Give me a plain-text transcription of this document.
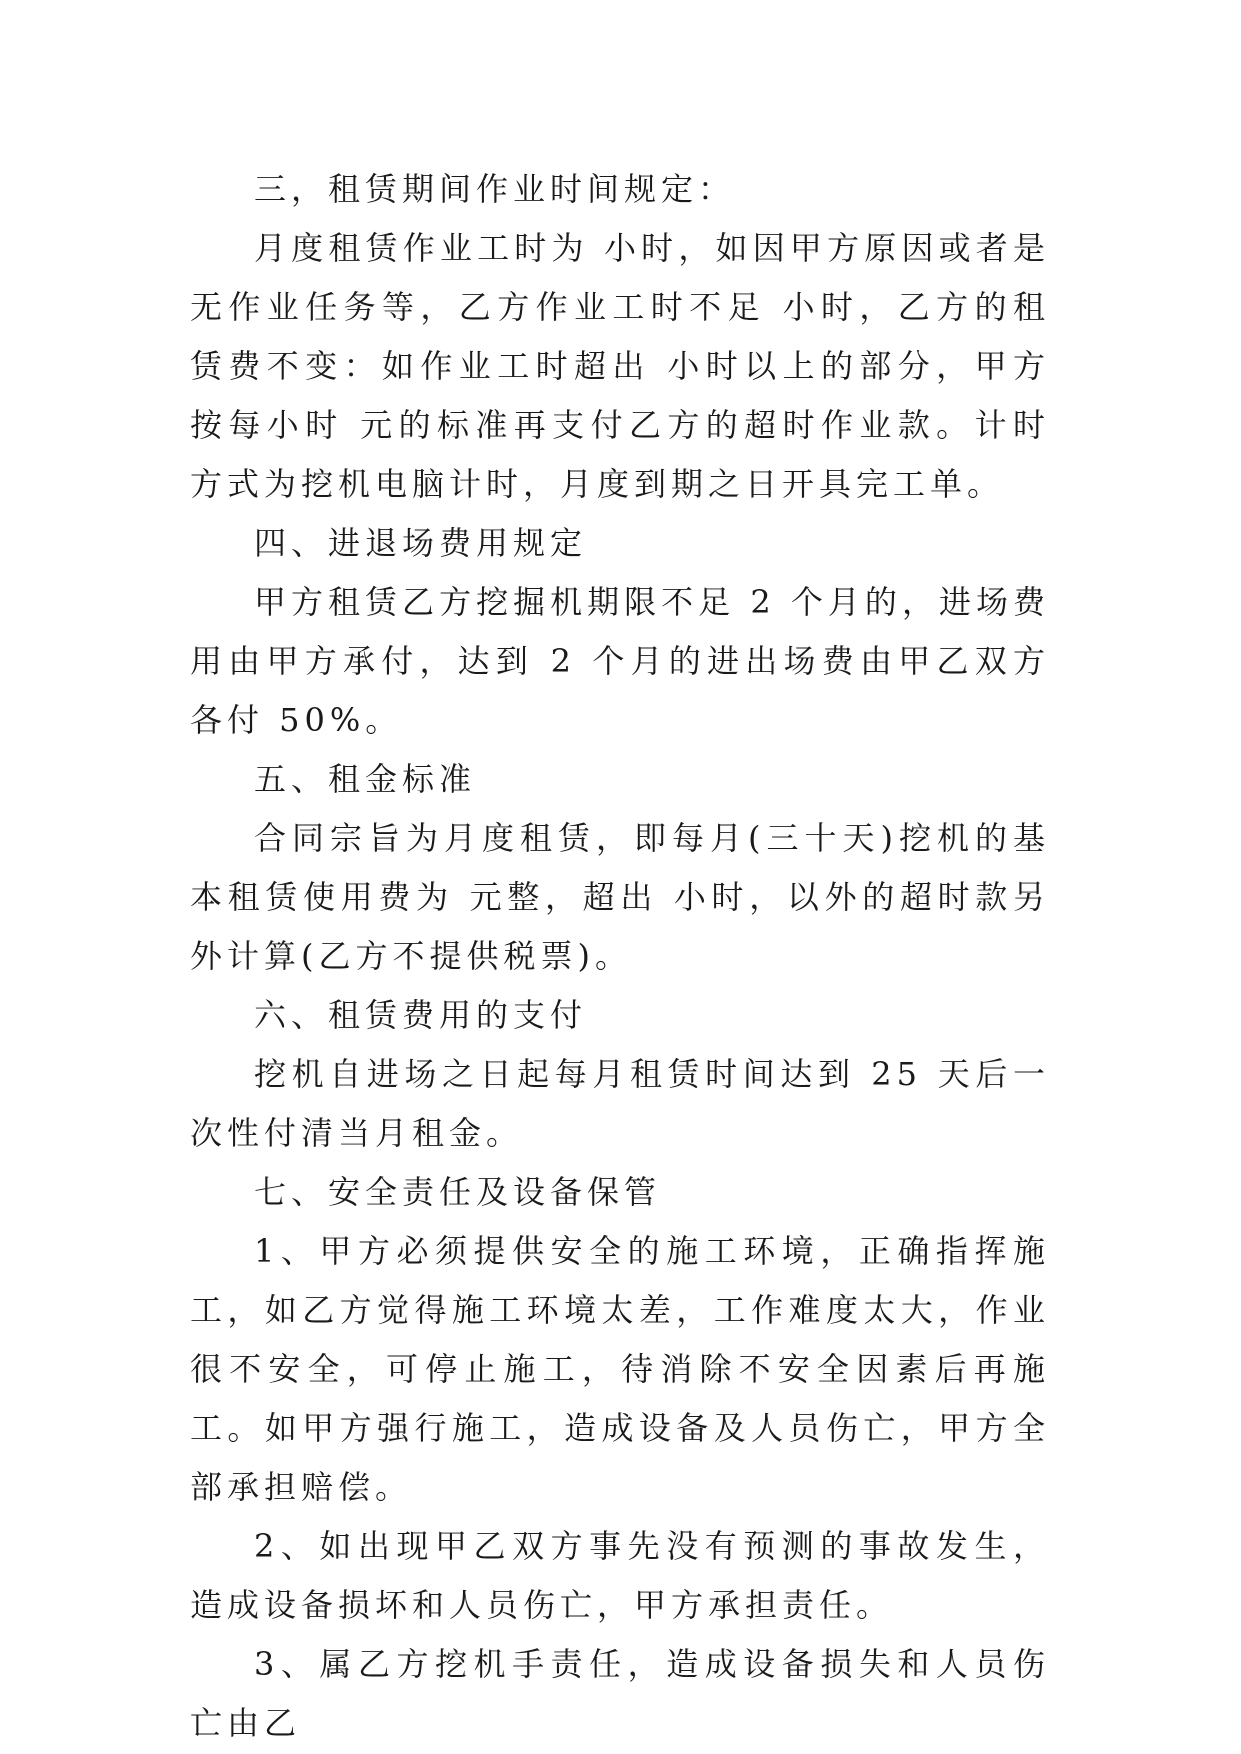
三，租赁期间作业时间规定：

月度租赁作业工时为 小时，如因甲方原因或者是无作业任务等，乙方作业工时不足 小时，乙方的租赁费不变：如作业工时超出 小时以上的部分，甲方按每小时 元的标准再支付乙方的超时作业款。计时方式为挖机电脑计时，月度到期之日开具完工单。

四、进退场费用规定

甲方租赁乙方挖掘机期限不足 2 个月的，进场费用由甲方承付，达到 2 个月的进出场费由甲乙双方各付 50%。

五、租金标准

合同宗旨为月度租赁，即每月(三十天)挖机的基本租赁使用费为 元整，超出 小时，以外的超时款另外计算(乙方不提供税票)。

六、租赁费用的支付

挖机自进场之日起每月租赁时间达到 25 天后一次性付清当月租金。

七、安全责任及设备保管

1、甲方必须提供安全的施工环境，正确指挥施工，如乙方觉得施工环境太差，工作难度太大，作业很不安全，可停止施工，待消除不安全因素后再施工。如甲方强行施工，造成设备及人员伤亡，甲方全部承担赔偿。

2、如出现甲乙双方事先没有预测的事故发生，造成设备损坏和人员伤亡，甲方承担责任。

3、属乙方挖机手责任，造成设备损失和人员伤亡由乙
